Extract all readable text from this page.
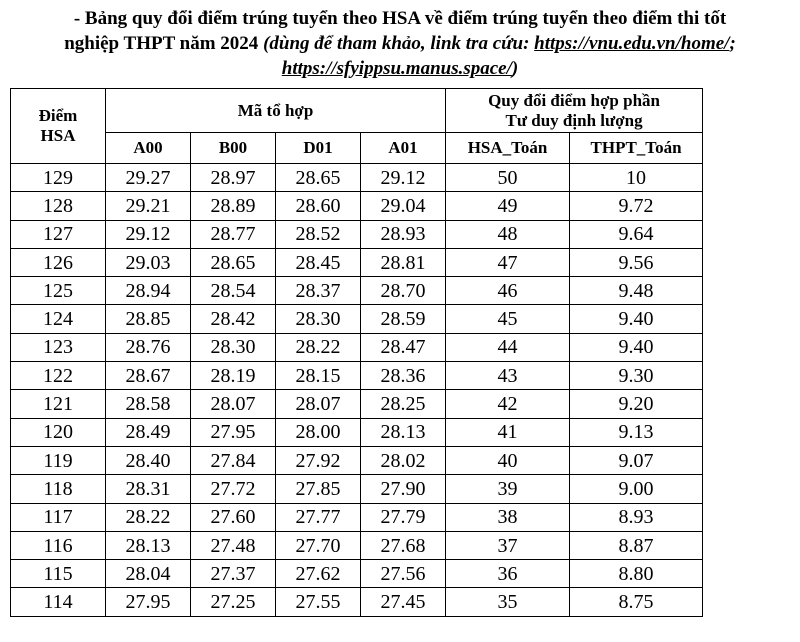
- Bảng quy đổi điểm trúng tuyển theo HSA về điểm trúng tuyển theo điểm thi tốt
nghiệp THPT năm 2024 (dùng để tham khảo, link tra cứu: https://vnu.edu.vn/home/;
https://sfyippsu.manus.space/)
Điểm HSA	Mã tổ hợp				Quy đổi điểm hợp phần
Tư duy định lượng	

	A00	B00	D01	A01	HSA_Toán	THPT_Toán
129	29.27	28.97	28.65	29.12	50	10
128	29.21	28.89	28.60	29.04	49	9.72
127	29.12	28.77	28.52	28.93	48	9.64
126	29.03	28.65	28.45	28.81	47	9.56
125	28.94	28.54	28.37	28.70	46	9.48
124	28.85	28.42	28.30	28.59	45	9.40
123	28.76	28.30	28.22	28.47	44	9.40
122	28.67	28.19	28.15	28.36	43	9.30
121	28.58	28.07	28.07	28.25	42	9.20
120	28.49	27.95	28.00	28.13	41	9.13
119	28.40	27.84	27.92	28.02	40	9.07
118	28.31	27.72	27.85	27.90	39	9.00
117	28.22	27.60	27.77	27.79	38	8.93
116	28.13	27.48	27.70	27.68	37	8.87
115	28.04	27.37	27.62	27.56	36	8.80
114	27.95	27.25	27.55	27.45	35	8.75
